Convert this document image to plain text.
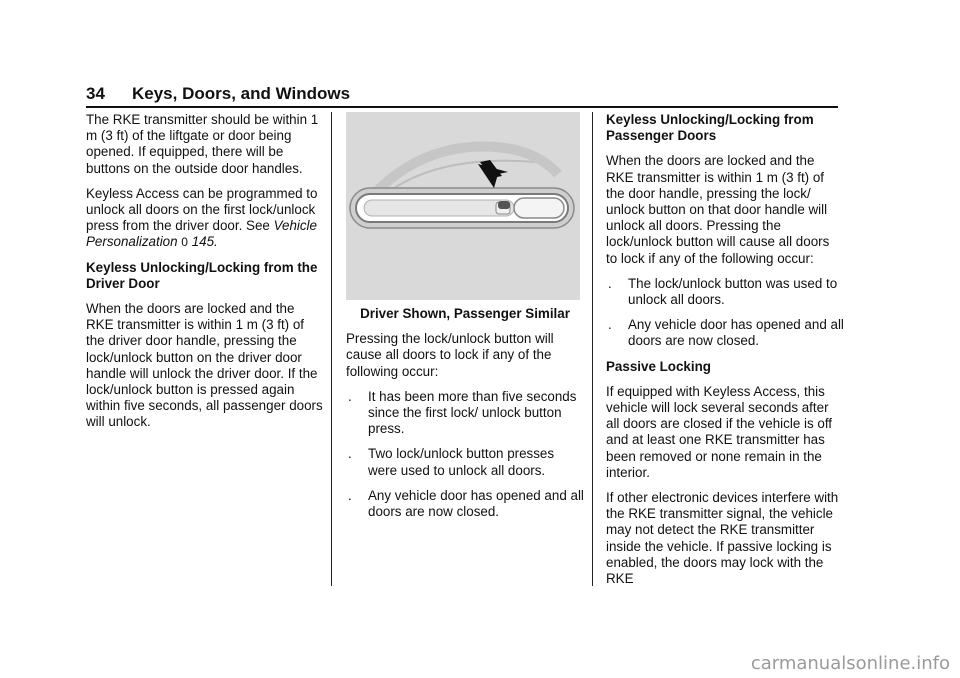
34 Keys, Doors, and Windows

The RKE transmitter should be within 1 m (3 ft) of the liftgate or door being opened. If equipped, there will be buttons on the outside door handles.

Keyless Access can be programmed to unlock all doors on the first lock/unlock press from the driver door. See Vehicle Personalization 0 145.

Keyless Unlocking/Locking from the Driver Door

When the doors are locked and the RKE transmitter is within 1 m (3 ft) of the driver door handle, pressing the lock/unlock button on the driver door handle will unlock the driver door. If the lock/unlock button is pressed again within five seconds, all passenger doors will unlock.

Driver Shown, Passenger Similar

Pressing the lock/unlock button will cause all doors to lock if any of the following occur:

. It has been more than five seconds since the first lock/ unlock button press.
. Two lock/unlock button presses were used to unlock all doors.
. Any vehicle door has opened and all doors are now closed.

Keyless Unlocking/Locking from Passenger Doors

When the doors are locked and the RKE transmitter is within 1 m (3 ft) of the door handle, pressing the lock/ unlock button on that door handle will unlock all doors. Pressing the lock/unlock button will cause all doors to lock if any of the following occur:

. The lock/unlock button was used to unlock all doors.
. Any vehicle door has opened and all doors are now closed.

Passive Locking

If equipped with Keyless Access, this vehicle will lock several seconds after all doors are closed if the vehicle is off and at least one RKE transmitter has been removed or none remain in the interior.

If other electronic devices interfere with the RKE transmitter signal, the vehicle may not detect the RKE transmitter inside the vehicle. If passive locking is enabled, the doors may lock with the RKE

carmanualsonline.info
